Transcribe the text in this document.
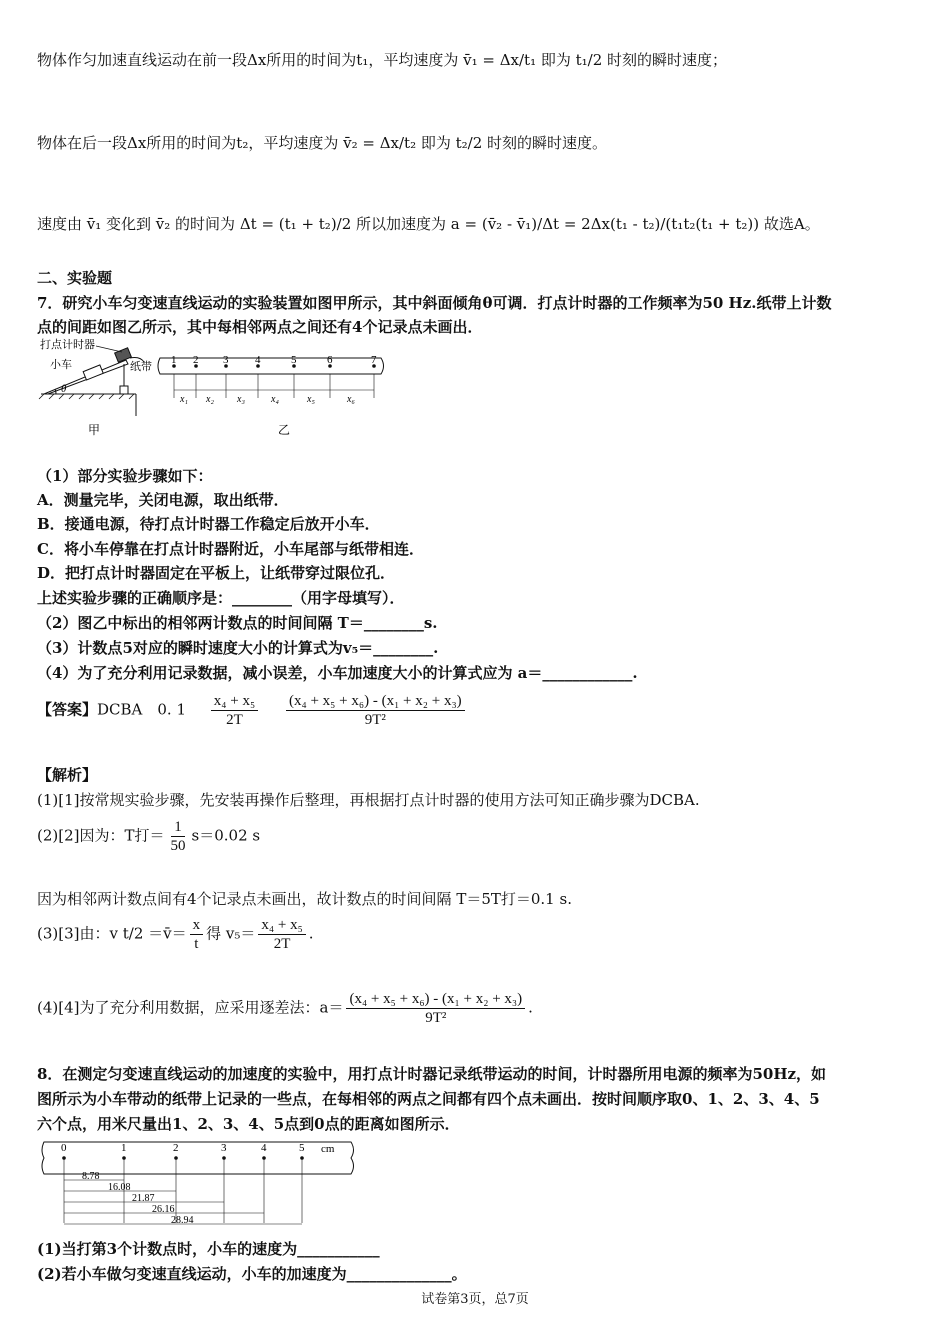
物体作匀加速直线运动在前一段Δx所用的时间为t₁，平均速度为 v̄₁ = Δx/t₁ 即为 t₁/2 时刻的瞬时速度；
物体在后一段Δx所用的时间为t₂，平均速度为 v̄₂ = Δx/t₂ 即为 t₂/2 时刻的瞬时速度。
速度由 v̄₁ 变化到 v̄₂ 的时间为 Δt = (t₁ + t₂)/2 所以加速度为 a = (v̄₂ - v̄₁)/Δt = 2Δx(t₁ - t₂)/(t₁t₂(t₁ + t₂)) 故选A。
二、实验题
7．研究小车匀变速直线运动的实验装置如图甲所示，其中斜面倾角θ可调．打点计时器的工作频率为50 Hz.纸带上计数
点的间距如图乙所示，其中每相邻两点之间还有4个记录点未画出．
θ
打点计时器
小车	纸带
甲
1 2 3 4	5	6	7
x₁ x₂ x₃	x₄	x₅	x₆
乙
（1）部分实验步骤如下：
A．测量完毕，关闭电源，取出纸带．
B．接通电源，待打点计时器工作稳定后放开小车．
C．将小车停靠在打点计时器附近，小车尾部与纸带相连．
D．把打点计时器固定在平板上，让纸带穿过限位孔．
上述实验步骤的正确顺序是：________（用字母填写）．
（2）图乙中标出的相邻两计数点的时间间隔 T＝________s.
（3）计数点5对应的瞬时速度大小的计算式为v₅＝________.
（4）为了充分利用记录数据，减小误差，小车加速度大小的计算式应为 a＝____________.
【答案】DCBA　0. $1 \frac{\text{x₄ + x₅}}{2T}$
$\frac{\text{(x₄ + x₅ + x₆) - (x₁ + x₂ + x₃)}}{\text{9T²}}$
【解析】
(1)[1]按常规实验步骤，先安装再操作后整理，再根据打点计时器的使用方法可知正确步骤为DCBA.
(2)[2]因为：T打＝ $\frac{1}{50} s=0.02$ s
因为相邻两计数点间有4个记录点未画出，故计数点的时间间隔 T＝5T打＝0.1 s.
(3)[3]由：v t/2 ＝v̄＝ $\frac{x}{t}$ 得 $v_5= \frac{\text{x₄ + x₅}}{2T}$ .
(4)[4]为了充分利用数据，应采用逐差法：$a= \frac{\text{(x₄ + x₅ + x₆) - (x₁ + x₂ + x₃)}}{\text{9T²}}$ .
8．在测定匀变速直线运动的加速度的实验中，用打点计时器记录纸带运动的时间，计时器所用电源的频率为50Hz，如
图所示为小车带动的纸带上记录的一些点，在每相邻的两点之间都有四个点未画出．按时间顺序取0、1、2、3、4、5
六个点，用米尺量出1、2、3、4、5点到0点的距离如图所示．
cm
0	1	2	3	4	5
8.78
16.08
21.87
26.16
28.94
(1)当打第3个计数点时，小车的速度为___________
(2)若小车做匀变速直线运动，小车的加速度为______________。
试卷第3页，总7页
